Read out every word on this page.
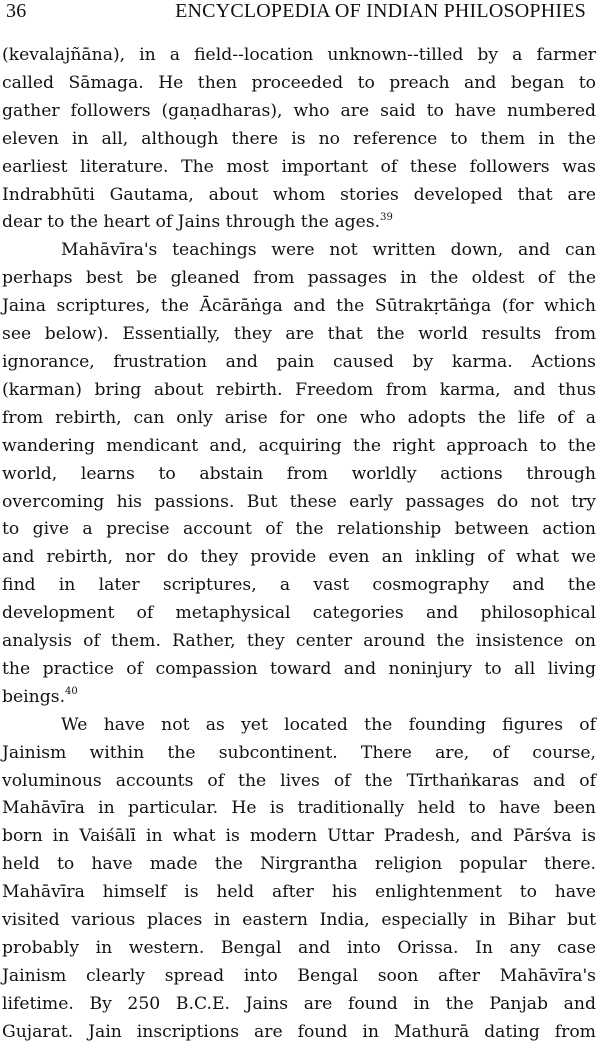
36	ENCYCLOPEDIA OF INDIAN PHILOSOPHIES
(kevalajñāna), in a field--location unknown--tilled by a farmer
called Sāmaga. He then proceeded to preach and began to
gather followers (gaṇadharas), who are said to have numbered
eleven in all, although there is no reference to them in the
earliest literature. The most important of these followers was
Indrabhūti Gautama, about whom stories developed that are
dear to the heart of Jains through the ages.$^{39}$
Mahāvīra's teachings were not written down, and can
perhaps best be gleaned from passages in the oldest of the
Jaina scriptures, the Ācārāṅga and the Sūtrakṛtāṅga (for which
see below). Essentially, they are that the world results from
ignorance, frustration and pain caused by karma. Actions
(karman) bring about rebirth. Freedom from karma, and thus
from rebirth, can only arise for one who adopts the life of a
wandering mendicant and, acquiring the right approach to the
world, learns to abstain from worldly actions through
overcoming his passions. But these early passages do not try
to give a precise account of the relationship between action
and rebirth, nor do they provide even an inkling of what we
find in later scriptures, a vast cosmography and the
development of metaphysical categories and philosophical
analysis of them. Rather, they center around the insistence on
the practice of compassion toward and noninjury to all living
beings.$^{40}$
We have not as yet located the founding figures of
Jainism within the subcontinent. There are, of course,
voluminous accounts of the lives of the Tīrthaṅkaras and of
Mahāvīra in particular. He is traditionally held to have been
born in Vaiśālī in what is modern Uttar Pradesh, and Pārśva is
held to have made the Nirgrantha religion popular there.
Mahāvīra himself is held after his enlightenment to have
visited various places in eastern India, especially in Bihar but
probably in western. Bengal and into Orissa. In any case
Jainism clearly spread into Bengal soon after Mahāvīra's
lifetime. By 250 B.C.E. Jains are found in the Panjab and
Gujarat. Jain inscriptions are found in Mathurā dating from
